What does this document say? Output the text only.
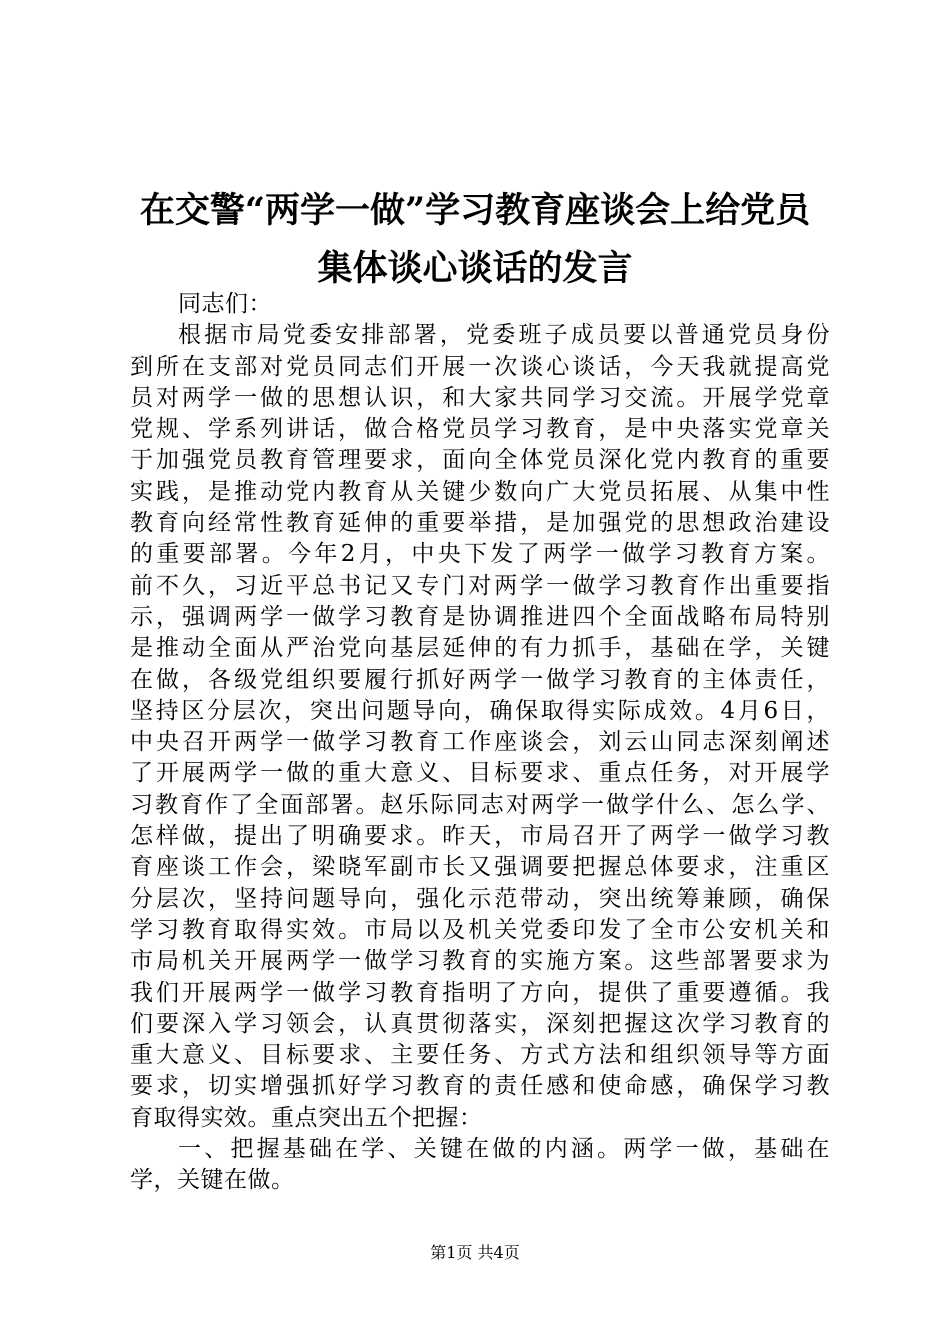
在交警“两学一做”学习教育座谈会上给党员
集体谈心谈话的发言
同志们：
根据市局党委安排部署，党委班子成员要以普通党员身份
到所在支部对党员同志们开展一次谈心谈话，今天我就提高党
员对两学一做的思想认识，和大家共同学习交流。开展学党章
党规、学系列讲话，做合格党员学习教育，是中央落实党章关
于加强党员教育管理要求，面向全体党员深化党内教育的重要
实践，是推动党内教育从关键少数向广大党员拓展、从集中性
教育向经常性教育延伸的重要举措，是加强党的思想政治建设
的重要部署。今年2月，中央下发了两学一做学习教育方案。
前不久，习近平总书记又专门对两学一做学习教育作出重要指
示，强调两学一做学习教育是协调推进四个全面战略布局特别
是推动全面从严治党向基层延伸的有力抓手，基础在学，关键
在做，各级党组织要履行抓好两学一做学习教育的主体责任，
坚持区分层次，突出问题导向，确保取得实际成效。4月6日，
中央召开两学一做学习教育工作座谈会，刘云山同志深刻阐述
了开展两学一做的重大意义、目标要求、重点任务，对开展学
习教育作了全面部署。赵乐际同志对两学一做学什么、怎么学、
怎样做，提出了明确要求。昨天，市局召开了两学一做学习教
育座谈工作会，梁晓军副市长又强调要把握总体要求，注重区
分层次，坚持问题导向，强化示范带动，突出统筹兼顾，确保
学习教育取得实效。市局以及机关党委印发了全市公安机关和
市局机关开展两学一做学习教育的实施方案。这些部署要求为
我们开展两学一做学习教育指明了方向，提供了重要遵循。我
们要深入学习领会，认真贯彻落实，深刻把握这次学习教育的
重大意义、目标要求、主要任务、方式方法和组织领导等方面
要求，切实增强抓好学习教育的责任感和使命感，确保学习教
育取得实效。重点突出五个把握：
一、把握基础在学、关键在做的内涵。两学一做，基础在
学，关键在做。
第1页 共4页
